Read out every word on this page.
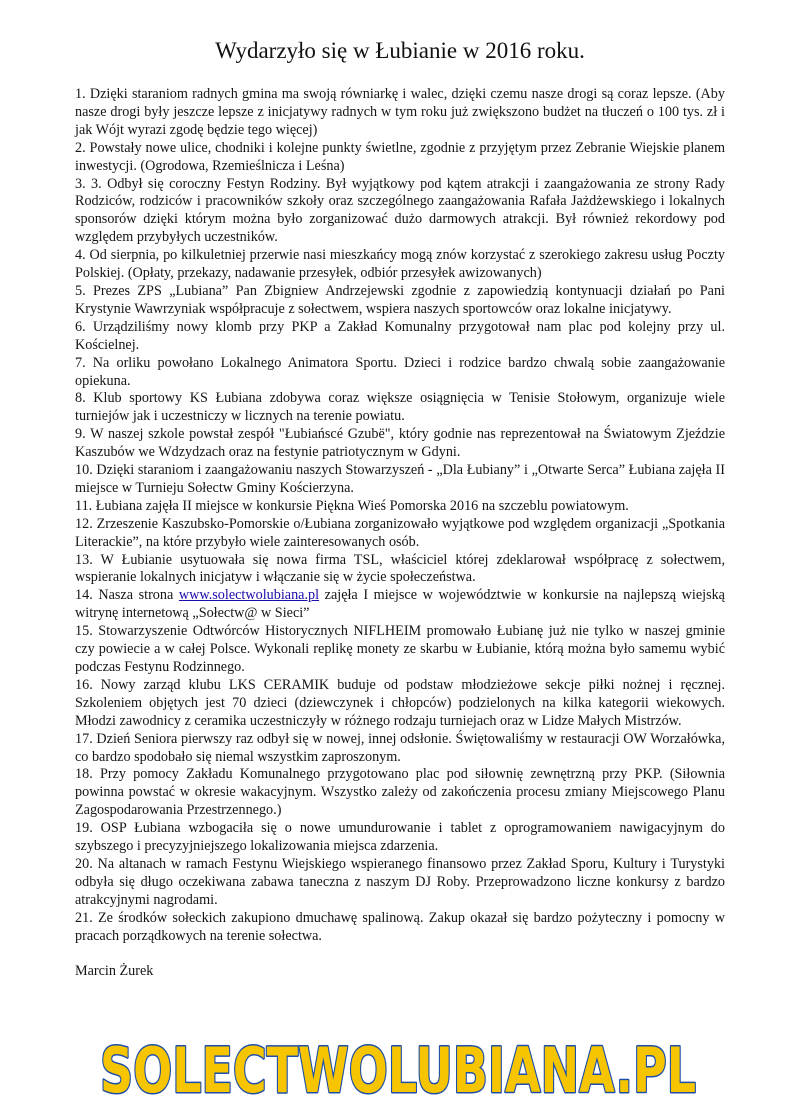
Wydarzyło się w Łubianie w 2016 roku.

1. Dzięki staraniom radnych gmina ma swoją równiarkę i walec, dzięki czemu nasze drogi są coraz lepsze. (Aby nasze drogi były jeszcze lepsze z inicjatywy radnych w tym roku już zwiększono budżet na tłuczeń o 100 tys. zł i jak Wójt wyrazi zgodę będzie tego więcej)

2. Powstały nowe ulice, chodniki i kolejne punkty świetlne, zgodnie z przyjętym przez Zebranie Wiejskie planem inwestycji. (Ogrodowa, Rzemieślnicza i Leśna)

3. 3. Odbył się coroczny Festyn Rodziny. Był wyjątkowy pod kątem atrakcji i zaangażowania ze strony Rady Rodziców, rodziców i pracowników szkoły oraz szczególnego zaangażowania Rafała Jażdżewskiego i lokalnych sponsorów dzięki którym można było zorganizować dużo darmowych atrakcji. Był również rekordowy pod względem przybyłych uczestników.

4. Od sierpnia, po kilkuletniej przerwie nasi mieszkańcy mogą znów korzystać z szerokiego zakresu usług Poczty Polskiej. (Opłaty, przekazy, nadawanie przesyłek, odbiór przesyłek awizowanych)

5. Prezes ZPS „Lubiana” Pan Zbigniew Andrzejewski zgodnie z zapowiedzią kontynuacji działań po Pani Krystynie Wawrzyniak współpracuje z sołectwem, wspiera naszych sportowców oraz lokalne inicjatywy.

6. Urządziliśmy nowy klomb przy PKP a Zakład Komunalny przygotował nam plac pod kolejny przy ul. Kościelnej.

7. Na orliku powołano Lokalnego Animatora Sportu. Dzieci i rodzice bardzo chwalą sobie zaangażowanie opiekuna.

8. Klub sportowy KS Łubiana zdobywa coraz większe osiągnięcia w Tenisie Stołowym, organizuje wiele turniejów jak i uczestniczy w licznych na terenie powiatu.

9. W naszej szkole powstał zespół "Łubiańscé Gzubë", który godnie nas reprezentował na Światowym Zjeździe Kaszubów we Wdzydzach oraz na festynie patriotycznym w Gdyni.

10. Dzięki staraniom i zaangażowaniu naszych Stowarzyszeń - „Dla Łubiany” i „Otwarte Serca” Łubiana zajęła II miejsce w Turnieju Sołectw Gminy Kościerzyna.

11. Łubiana zajęła II miejsce w konkursie Piękna Wieś Pomorska 2016 na szczeblu powiatowym.

12. Zrzeszenie Kaszubsko-Pomorskie o/Łubiana zorganizowało wyjątkowe pod względem organizacji „Spotkania Literackie”, na które przybyło wiele zainteresowanych osób.

13. W Łubianie usytuowała się nowa firma TSL, właściciel której zdeklarował współpracę z sołectwem, wspieranie lokalnych inicjatyw i włączanie się w życie społeczeństwa.

14. Nasza strona www.solectwolubiana.pl zajęła I miejsce w województwie w konkursie na najlepszą wiejską witrynę internetową „Sołectw@ w Sieci”

15. Stowarzyszenie Odtwórców Historycznych NIFLHEIM promowało Łubianę już nie tylko w naszej gminie czy powiecie a w całej Polsce. Wykonali replikę monety ze skarbu w Łubianie, którą można było samemu wybić podczas Festynu Rodzinnego.

16. Nowy zarząd klubu LKS CERAMIK buduje od podstaw młodzieżowe sekcje piłki nożnej i ręcznej. Szkoleniem objętych jest 70 dzieci (dziewczynek i chłopców) podzielonych na kilka kategorii wiekowych. Młodzi zawodnicy z ceramika uczestniczyły w różnego rodzaju turniejach oraz w Lidze Małych Mistrzów.

17. Dzień Seniora pierwszy raz odbył się w nowej, innej odsłonie. Świętowaliśmy w restauracji OW Worzałówka, co bardzo spodobało się niemal wszystkim zaproszonym.

18. Przy pomocy Zakładu Komunalnego przygotowano plac pod siłownię zewnętrzną przy PKP. (Siłownia powinna powstać w okresie wakacyjnym. Wszystko zależy od zakończenia procesu zmiany Miejscowego Planu Zagospodarowania Przestrzennego.)

19. OSP Łubiana wzbogaciła się o nowe umundurowanie i tablet z oprogramowaniem nawigacyjnym do szybszego i precyzyjniejszego lokalizowania miejsca zdarzenia.

20. Na altanach w ramach Festynu Wiejskiego wspieranego finansowo przez Zakład Sporu, Kultury i Turystyki odbyła się długo oczekiwana zabawa taneczna z naszym DJ Roby. Przeprowadzono liczne konkursy z bardzo atrakcyjnymi nagrodami.

21. Ze środków sołeckich zakupiono dmuchawę spalinową. Zakup okazał się bardzo pożyteczny i pomocny w pracach porządkowych na terenie sołectwa.

Marcin Żurek

SOLECTWOLUBIANA.PL
